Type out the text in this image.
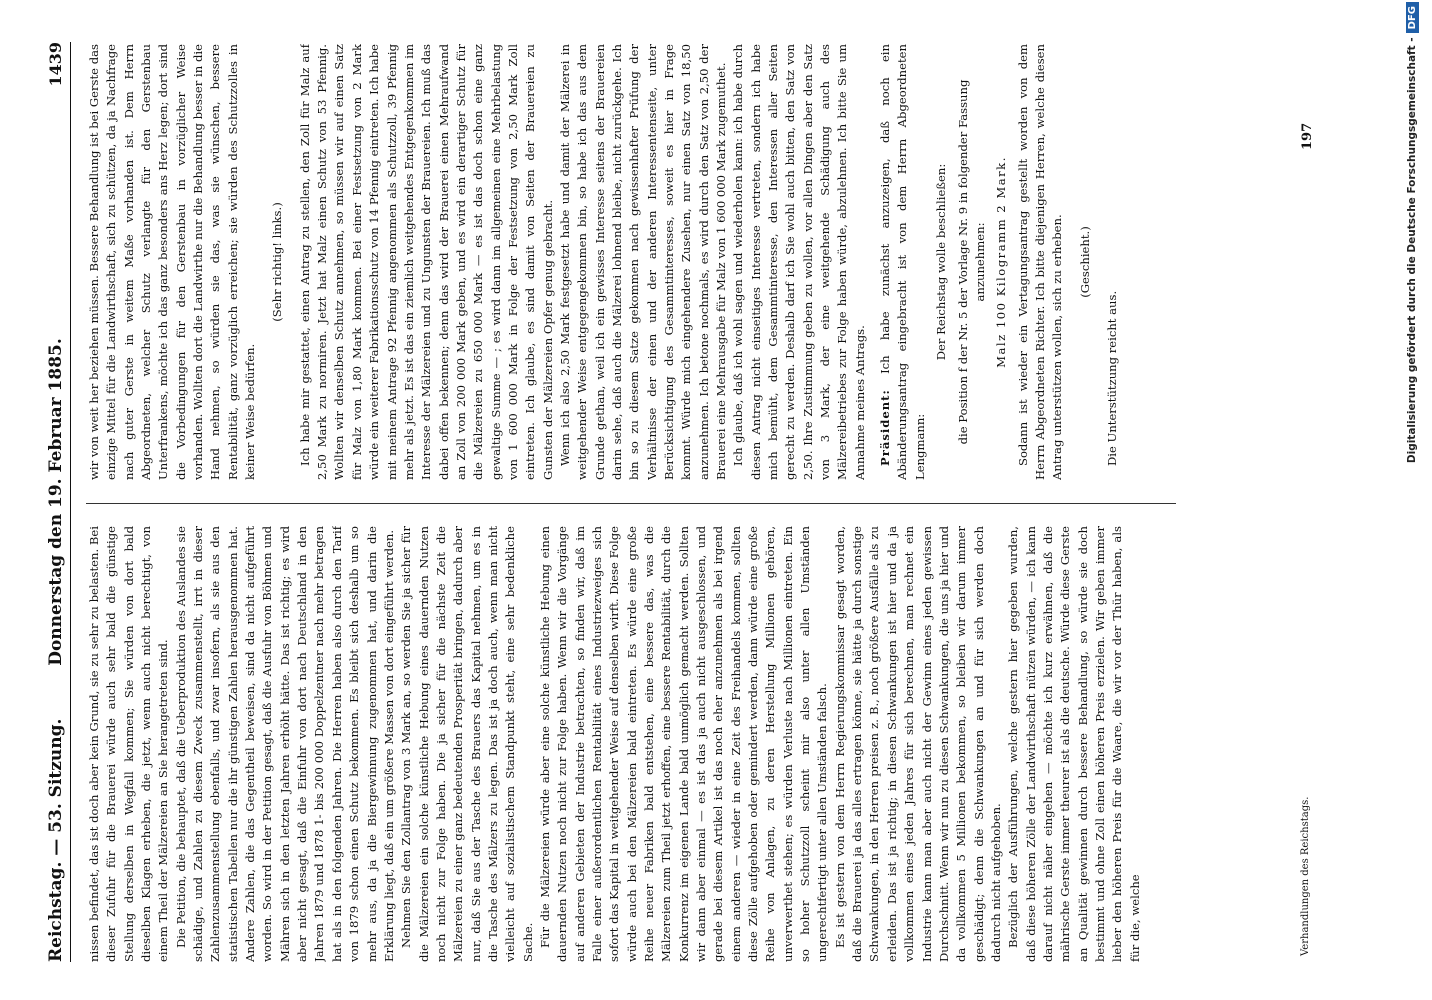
Reichstag. — 53. Sitzung.
Donnerstag den 19. Februar 1885.
1439

nissen befindet, das ist doch aber kein Grund, sie zu sehr zu belasten. Bei dieser Zufuhr für die Brauerei würde auch sehr bald die günstige Stellung derselben in Wegfall kommen; Sie würden von dort bald dieselben Klagen erheben, die jetzt, wenn auch nicht berechtigt, von einem Theil der Mälzereien an Sie herangetreten sind. Die Petition, die behauptet, daß die Ueberproduktion des Auslandes sie schädige, und Zahlen zu diesem Zweck zusammenstellt, irrt in dieser Zahlenzusammenstellung ebenfalls, und zwar insofern, als sie aus den statistischen Tabellen nur die ihr günstigen Zahlen herausgenommen hat. Andere Zahlen, die das Gegentheil beweisen, sind da nicht aufgeführt worden. So wird in der Petition gesagt, daß die Ausfuhr von Böhmen und Mähren sich in den letzten Jahren erhöht hätte. Das ist richtig; es wird aber nicht gesagt, daß die Einfuhr von dort nach Deutschland in den Jahren 1879 und 1878 1- bis 200 000 Doppelzentner nach mehr betragen hat als in den folgenden Jahren. Die Herren haben also durch den Tarif von 1879 schon einen Schutz bekommen. Es bleibt sich deshalb um so mehr aus, da ja die Biergewinnung zugenommen hat, und darin die Erklärung liegt, daß ein um größere Massen von dort eingeführt werden. Nehmen Sie den Zollantrag von 3 Mark an, so werden Sie ja sicher für die Mälzereien ein solche künstliche Hebung eines dauernden Nutzen noch nicht zur Folge haben. Die ja sicher für die nächste Zeit die Mälzereien zu einer ganz bedeutenden Prosperität bringen, dadurch aber nur, daß Sie aus der Tasche des Brauers das Kapital nehmen, um es in die Tasche des Mälzers zu legen. Das ist ja doch auch, wenn man nicht vielleicht auf sozialistischem Standpunkt steht, eine sehr bedenkliche Sache. Für die Mälzereien würde aber eine solche künstliche Hebung einen dauernden Nutzen noch nicht zur Folge haben. Wenn wir die Vorgänge auf anderen Gebieten der Industrie betrachten, so finden wir, daß im Falle einer außerordentlichen Rentabilität eines Industriezweiges sich sofort das Kapital in weitgehender Weise auf denselben wirft. Diese Folge würde auch bei den Mälzereien bald eintreten. Es würde eine große Reihe neuer Fabriken bald entstehen, eine bessere das, was die Mälzereien zum Theil jetzt erhoffen, eine bessere Rentabilität, durch die Konkurrenz im eigenen Lande bald unmöglich gemacht werden. Sollten wir dann aber einmal — es ist das ja auch nicht ausgeschlossen, und gerade bei diesem Artikel ist das noch eher anzunehmen als bei irgend einem anderen — wieder in eine Zeit des Freihandels kommen, sollten diese Zölle aufgehoben oder gemindert werden, dann würde eine große Reihe von Anlagen, zu deren Herstellung Millionen gehören, unverwerthet stehen; es würden Verluste nach Millionen eintreten. Ein so hoher Schutzzoll scheint mir also unter allen Umständen ungerechtfertigt unter allen Umständen falsch. Es ist gestern von dem Herrn Regierungskommissar gesagt worden, daß die Brauerei ja das alles ertragen könne, sie hätte ja durch sonstige Schwankungen, in den Herren preisen z. B., noch größere Ausfälle als zu erleiden. Das ist ja richtig; in diesen Schwankungen ist hier und da ja vollkommen eines jeden Jahres für sich berechnen, man rechnet ein Industrie kann man aber auch nicht der Gewinn eines jeden gewissen Durchschnitt. Wenn wir nun zu diesen Schwankungen, die uns ja hier und da vollkommen 5 Millionen bekommen, so bleiben wir darum immer geschädigt; denn die Schwankungen an und für sich werden doch dadurch nicht aufgehoben. Bezüglich der Ausführungen, welche gestern hier gegeben wurden, daß diese höheren Zölle der Landwirthschaft nützen würden, — ich kann darauf nicht näher eingehen — möchte ich kurz erwähnen, daß die mährische Gerste immer theurer ist als die deutsche. Würde diese Gerste an Qualität gewinnen durch bessere Behandlung, so würde sie doch bestimmt und ohne Zoll einen höheren Preis erzielen. Wir geben immer lieber den höheren Preis für die Waare, die wir vor der Thür haben, als für die, welche

wir von weit her beziehen müssen. Bessere Behandlung ist bei Gerste das einzige Mittel für die Landwirthschaft, sich zu schützen, da ja Nachfrage nach guter Gerste in weitem Maße vorhanden ist. Dem Herrn Abgeordneten, welcher Schutz verlangte für den Gerstenbau Unterfrankens, möchte ich das ganz besonders ans Herz legen; dort sind die Vorbedingungen für den Gerstenbau in vorzüglicher Weise vorhanden. Wollten dort die Landwirthe nur die Behandlung besser in die Hand nehmen, so würden sie das, was sie wünschen, bessere Rentabilität, ganz vorzüglich erreichen; sie würden des Schutzzolles in keiner Weise bedürfen.

(Sehr richtig! links.) Ich habe mir gestattet, einen Antrag zu stellen, den Zoll für Malz auf 2,50 Mark zu normiren. Jetzt hat Malz einen Schutz von 53 Pfennig. Wollten wir denselben Schutz annehmen, so müssen wir auf einen Satz für Malz von 1,80 Mark kommen. Bei einer Festsetzung von 2 Mark würde ein weiterer Fabrikationsschutz von 14 Pfennig eintreten. Ich habe mit meinem Antrage 92 Pfennig angenommen als Schutzzoll, 39 Pfennig mehr als jetzt. Es ist das ein ziemlich weitgehendes Entgegenkommen im Interesse der Mälzereien und zu Ungunsten der Brauereien. Ich muß das dabei offen bekennen; denn das wird der Brauerei einen Mehraufwand an Zoll von 200 000 Mark geben, und es wird ein derartiger Schutz für die Mälzereien zu 650 000 Mark — es ist das doch schon eine ganz gewaltige Summe — ; es wird dann im allgemeinen eine Mehrbelastung von 1 600 000 Mark in Folge der Festsetzung von 2,50 Mark Zoll eintreten. Ich glaube, es sind damit von Seiten der Brauereien zu Gunsten der Mälzereien Opfer genug gebracht. Wenn ich also 2,50 Mark festgesetzt habe und damit der Mälzerei in weitgehender Weise entgegengekommen bin, so habe ich das aus dem Grunde gethan, weil ich ein gewisses Interesse seitens der Brauereien darin sehe, daß auch die Mälzerei lohnend bleibe, nicht zurückgehe. Ich bin so zu diesem Satze gekommen nach gewissenhafter Prüfung der Verhältnisse der einen und der anderen Interessentenseite, unter Berücksichtigung des Gesammtinteresses, soweit es hier in Frage kommt. Würde mich eingehendere Zusehen, nur einen Satz von 18,50 anzunehmen. Ich betone nochmals, es wird durch den Satz von 2,50 der Brauerei eine Mehrausgabe für Malz von 1 600 000 Mark zugemuthet. Ich glaube, daß ich wohl sagen und wiederholen kann: ich habe durch diesen Antrag nicht einseitiges Interesse vertreten, sondern ich habe mich bemüht, dem Gesammtinteresse, den Interessen aller Seiten gerecht zu werden. Deshalb darf ich Sie wohl auch bitten, den Satz von 2,50. Ihre Zustimmung geben zu wollen, vor allen Dingen aber den Satz von 3 Mark, der eine weitgehende Schädigung auch des Mälzereibetriebes zur Folge haben würde, abzulehnen. Ich bitte Sie um Annahme meines Antrags. Präsident: Ich habe zunächst anzuzeigen, daß noch ein Abänderungsantrag eingebracht ist von dem Herrn Abgeordneten Lengmann:

Der Reichstag wolle beschließen: die Position f der Nr. 5 der Vorlage Nr. 9 in folgender Fassung anzunehmen: Malz 100 Kilogramm 2 Mark. Sodann ist wieder ein Vertagungsantrag gestellt worden von dem Herrn Abgeordneten Richter. Ich bitte diejenigen Herren, welche diesen Antrag unterstützen wollen, sich zu erheben. (Geschieht.)

Die Unterstützung reicht aus.

Verhandlungen des Reichstags.
197	Digitalisierung gefördert durch die Deutsche Forschungsgemeinschaft -DFG
